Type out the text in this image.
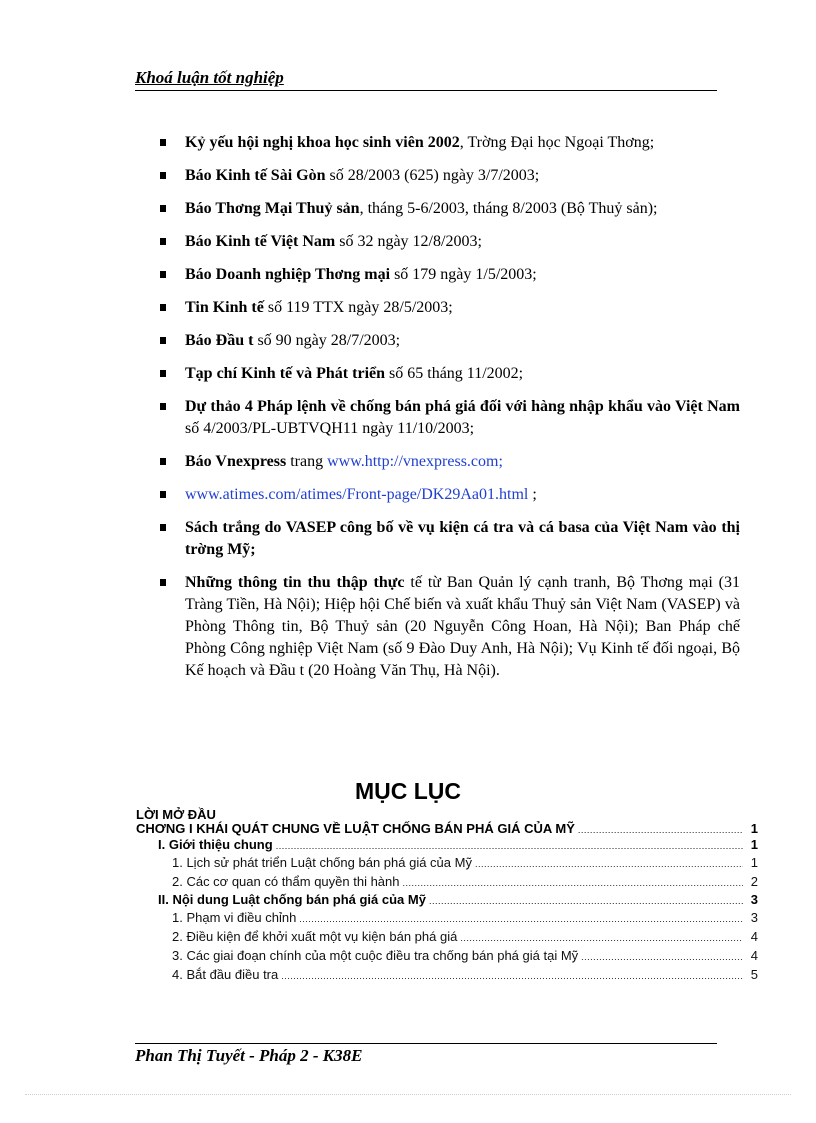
Khoá luận tốt nghiệp
Kỷ yếu hội nghị khoa học sinh viên 2002, Trờng Đại học Ngoại Thơng;
Báo Kinh tế Sài Gòn số 28/2003 (625) ngày 3/7/2003;
Báo Thơng Mại Thuỷ sản, tháng 5-6/2003, tháng 8/2003 (Bộ Thuỷ sản);
Báo Kinh tế Việt Nam số 32 ngày 12/8/2003;
Báo Doanh nghiệp Thơng mại số 179 ngày 1/5/2003;
Tin Kinh tế số 119 TTX ngày 28/5/2003;
Báo Đầu t số 90 ngày 28/7/2003;
Tạp chí Kinh tế và Phát triển số 65 tháng 11/2002;
Dự thảo 4 Pháp lệnh về chống bán phá giá đối với hàng nhập khẩu vào Việt Nam số 4/2003/PL-UBTVQH11 ngày 11/10/2003;
Báo Vnexpress trang www.http://vnexpress.com;
www.atimes.com/atimes/Front-page/DK29Aa01.html ;
Sách trắng do VASEP công bố về vụ kiện cá tra và cá basa của Việt Nam vào thị trờng Mỹ;
Những thông tin thu thập thực tế từ Ban Quản lý cạnh tranh, Bộ Thơng mại (31 Tràng Tiền, Hà Nội); Hiệp hội Chế biến và xuất khẩu Thuỷ sản Việt Nam (VASEP) và Phòng Thông tin, Bộ Thuỷ sản (20 Nguyễn Công Hoan, Hà Nội); Ban Pháp chế Phòng Công nghiệp Việt Nam (số 9 Đào Duy Anh, Hà Nội); Vụ Kinh tế đối ngoại, Bộ Kế hoạch và Đầu t (20 Hoàng Văn Thụ, Hà Nội).
MỤC LỤC
LỜI MỞ ĐẦU
CHƠNG I KHÁI QUÁT CHUNG VỀ LUẬT CHỐNG BÁN PHÁ GIÁ CỦA MỸ .....	1
I. Giới thiệu chung .....	1
1. Lịch sử phát triển Luật chống bán phá giá của Mỹ .....	1
2. Các cơ quan có thẩm quyền thi hành .....	2
II. Nội dung Luật chống bán phá giá của Mỹ .....	3
1. Phạm vi điều chỉnh .....	3
2. Điều kiện để khởi xuất một vụ kiện bán phá giá .....	4
3. Các giai đoạn chính của một cuộc điều tra chống bán phá giá tại Mỹ .....	4
4. Bắt đầu điều tra .....	5
Phan Thị Tuyết - Pháp 2 - K38E
